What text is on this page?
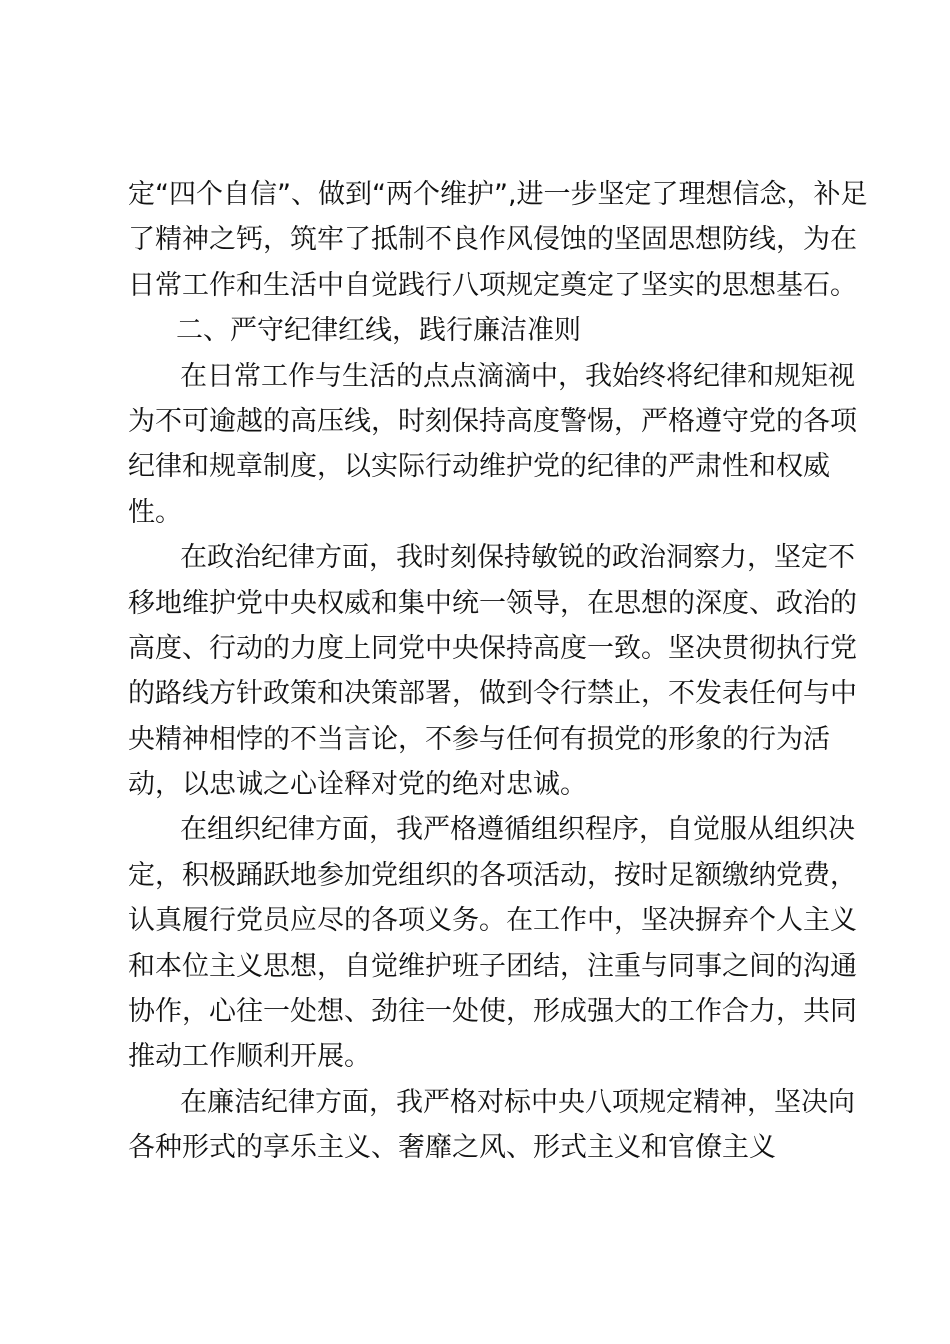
定“四个自信”、做到“两个维护”,进一步坚定了理想信念，补足
了精神之钙，筑牢了抵制不良作风侵蚀的坚固思想防线，为在
日常工作和生活中自觉践行八项规定奠定了坚实的思想基石。
二、严守纪律红线，践行廉洁准则
在日常工作与生活的点点滴滴中，我始终将纪律和规矩视
为不可逾越的高压线，时刻保持高度警惕，严格遵守党的各项
纪律和规章制度，以实际行动维护党的纪律的严肃性和权威
性。
在政治纪律方面，我时刻保持敏锐的政治洞察力，坚定不
移地维护党中央权威和集中统一领导，在思想的深度、政治的
高度、行动的力度上同党中央保持高度一致。坚决贯彻执行党
的路线方针政策和决策部署，做到令行禁止，不发表任何与中
央精神相悖的不当言论，不参与任何有损党的形象的行为活
动，以忠诚之心诠释对党的绝对忠诚。
在组织纪律方面，我严格遵循组织程序，自觉服从组织决
定，积极踊跃地参加党组织的各项活动，按时足额缴纳党费，
认真履行党员应尽的各项义务。在工作中，坚决摒弃个人主义
和本位主义思想，自觉维护班子团结，注重与同事之间的沟通
协作，心往一处想、劲往一处使，形成强大的工作合力，共同
推动工作顺利开展。
在廉洁纪律方面，我严格对标中央八项规定精神，坚决向
各种形式的享乐主义、奢靡之风、形式主义和官僚主义
